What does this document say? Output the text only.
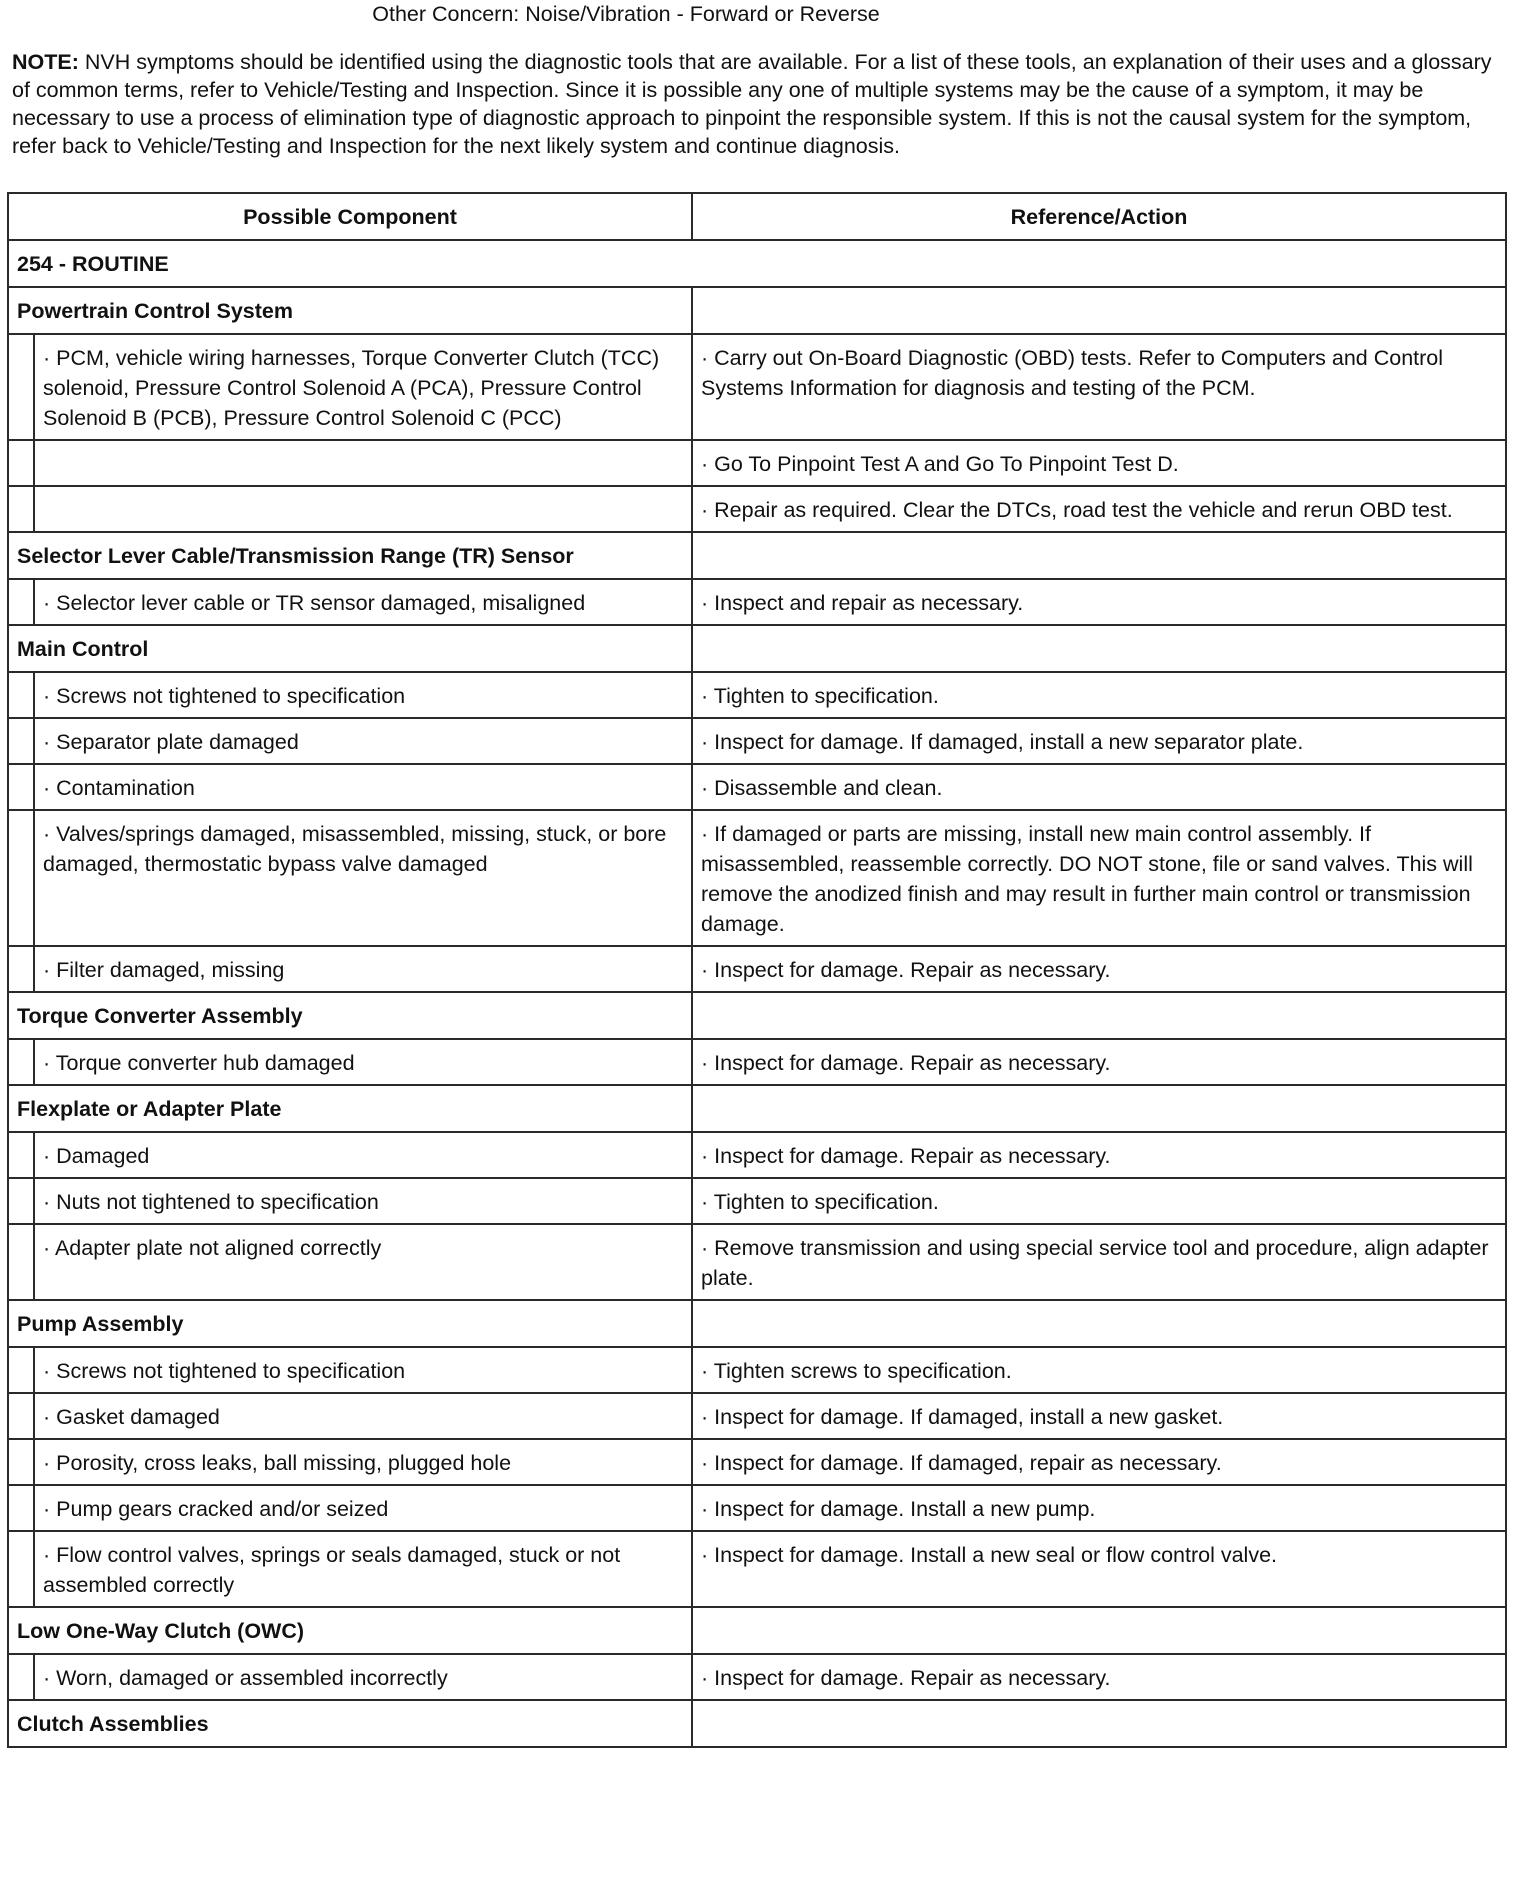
Other Concern: Noise/Vibration - Forward or Reverse
NOTE: NVH symptoms should be identified using the diagnostic tools that are available. For a list of these tools, an explanation of their uses and a glossary of common terms, refer to Vehicle/Testing and Inspection. Since it is possible any one of multiple systems may be the cause of a symptom, it may be necessary to use a process of elimination type of diagnostic approach to pinpoint the responsible system. If this is not the causal system for the symptom, refer back to Vehicle/Testing and Inspection for the next likely system and continue diagnosis.
Possible Component		Reference/Action
254 - ROUTINE		
Powertrain Control System		
	· PCM, vehicle wiring harnesses, Torque Converter Clutch (TCC) solenoid, Pressure Control Solenoid A (PCA), Pressure Control Solenoid B (PCB), Pressure Control Solenoid C (PCC)	· Carry out On-Board Diagnostic (OBD) tests. Refer to Computers and Control Systems Information for diagnosis and testing of the PCM.
		· Go To Pinpoint Test A and Go To Pinpoint Test D.
		· Repair as required. Clear the DTCs, road test the vehicle and rerun OBD test.
Selector Lever Cable/Transmission Range (TR) Sensor		
	· Selector lever cable or TR sensor damaged, misaligned	· Inspect and repair as necessary.
Main Control		
	· Screws not tightened to specification	· Tighten to specification.
	· Separator plate damaged	· Inspect for damage. If damaged, install a new separator plate.
	· Contamination	· Disassemble and clean.
	· Valves/springs damaged, misassembled, missing, stuck, or bore damaged, thermostatic bypass valve damaged	· If damaged or parts are missing, install new main control assembly. If misassembled, reassemble correctly. DO NOT stone, file or sand valves. This will remove the anodized finish and may result in further main control or transmission damage.
	· Filter damaged, missing	· Inspect for damage. Repair as necessary.
Torque Converter Assembly		
	· Torque converter hub damaged	· Inspect for damage. Repair as necessary.
Flexplate or Adapter Plate		
	· Damaged	· Inspect for damage. Repair as necessary.
	· Nuts not tightened to specification	· Tighten to specification.
	· Adapter plate not aligned correctly	· Remove transmission and using special service tool and procedure, align adapter plate.
Pump Assembly		
	· Screws not tightened to specification	· Tighten screws to specification.
	· Gasket damaged	· Inspect for damage. If damaged, install a new gasket.
	· Porosity, cross leaks, ball missing, plugged hole	· Inspect for damage. If damaged, repair as necessary.
	· Pump gears cracked and/or seized	· Inspect for damage. Install a new pump.
	· Flow control valves, springs or seals damaged, stuck or not assembled correctly	· Inspect for damage. Install a new seal or flow control valve.
Low One-Way Clutch (OWC)		
	· Worn, damaged or assembled incorrectly	· Inspect for damage. Repair as necessary.
Clutch Assemblies		
